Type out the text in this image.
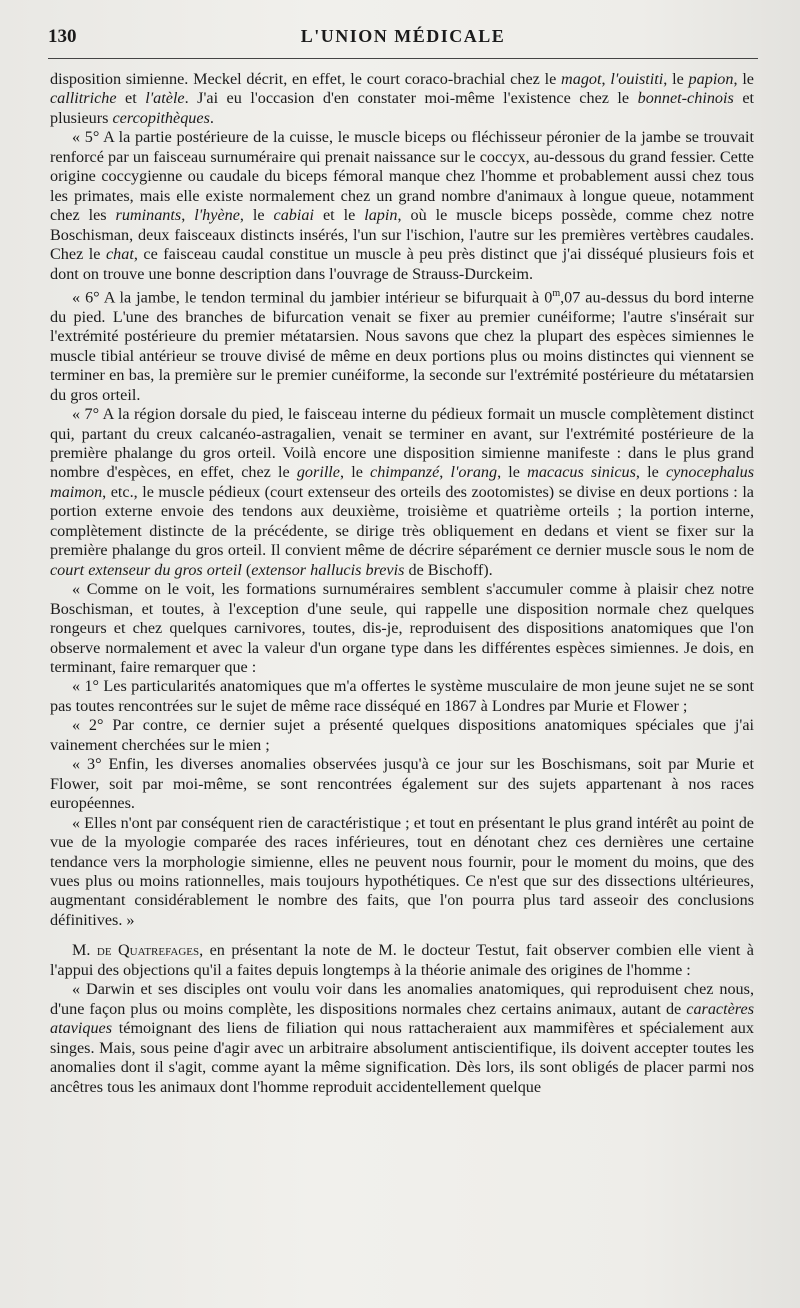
130	L'UNION MÉDICALE

disposition simienne. Meckel décrit, en effet, le court coraco-brachial chez le magot, l'ouistiti, le papion, le callitriche et l'atèle. J'ai eu l'occasion d'en constater moi-même l'existence chez le bonnet-chinois et plusieurs cercopithèques.

« 5° A la partie postérieure de la cuisse, le muscle biceps ou fléchisseur péronier de la jambe se trouvait renforcé par un faisceau surnuméraire qui prenait naissance sur le coccyx, au-dessous du grand fessier. Cette origine coccygienne ou caudale du biceps fémoral manque chez l'homme et probablement aussi chez tous les primates, mais elle existe normalement chez un grand nombre d'animaux à longue queue, notamment chez les ruminants, l'hyène, le cabiai et le lapin, où le muscle biceps possède, comme chez notre Boschisman, deux faisceaux distincts insérés, l'un sur l'ischion, l'autre sur les premières vertèbres caudales. Chez le chat, ce faisceau caudal constitue un muscle à peu près distinct que j'ai disséqué plusieurs fois et dont on trouve une bonne description dans l'ouvrage de Strauss-Durckeim.

« 6° A la jambe, le tendon terminal du jambier intérieur se bifurquait à 0$^m$,07 au-dessus du bord interne du pied. L'une des branches de bifurcation venait se fixer au premier cunéiforme; l'autre s'insérait sur l'extrémité postérieure du premier métatarsien. Nous savons que chez la plupart des espèces simiennes le muscle tibial antérieur se trouve divisé de même en deux portions plus ou moins distinctes qui viennent se terminer en bas, la première sur le premier cunéiforme, la seconde sur l'extrémité postérieure du métatarsien du gros orteil.

« 7° A la région dorsale du pied, le faisceau interne du pédieux formait un muscle complètement distinct qui, partant du creux calcanéo-astragalien, venait se terminer en avant, sur l'extrémité postérieure de la première phalange du gros orteil. Voilà encore une disposition simienne manifeste : dans le plus grand nombre d'espèces, en effet, chez le gorille, le chimpanzé, l'orang, le macacus sinicus, le cynocephalus maimon, etc., le muscle pédieux (court extenseur des orteils des zootomistes) se divise en deux portions : la portion externe envoie des tendons aux deuxième, troisième et quatrième orteils ; la portion interne, complètement distincte de la précédente, se dirige très obliquement en dedans et vient se fixer sur la première phalange du gros orteil. Il convient même de décrire séparément ce dernier muscle sous le nom de court extenseur du gros orteil (extensor hallucis brevis de Bischoff).

« Comme on le voit, les formations surnuméraires semblent s'accumuler comme à plaisir chez notre Boschisman, et toutes, à l'exception d'une seule, qui rappelle une disposition normale chez quelques rongeurs et chez quelques carnivores, toutes, dis-je, reproduisent des dispositions anatomiques que l'on observe normalement et avec la valeur d'un organe type dans les différentes espèces simiennes. Je dois, en terminant, faire remarquer que :

« 1° Les particularités anatomiques que m'a offertes le système musculaire de mon jeune sujet ne se sont pas toutes rencontrées sur le sujet de même race disséqué en 1867 à Londres par Murie et Flower ;

« 2° Par contre, ce dernier sujet a présenté quelques dispositions anatomiques spéciales que j'ai vainement cherchées sur le mien ;

« 3° Enfin, les diverses anomalies observées jusqu'à ce jour sur les Boschismans, soit par Murie et Flower, soit par moi-même, se sont rencontrées également sur des sujets appartenant à nos races européennes.

« Elles n'ont par conséquent rien de caractéristique ; et tout en présentant le plus grand intérêt au point de vue de la myologie comparée des races inférieures, tout en dénotant chez ces dernières une certaine tendance vers la morphologie simienne, elles ne peuvent nous fournir, pour le moment du moins, que des vues plus ou moins rationnelles, mais toujours hypothétiques. Ce n'est que sur des dissections ultérieures, augmentant considérablement le nombre des faits, que l'on pourra plus tard asseoir des conclusions définitives. »

M. de Quatrefages, en présentant la note de M. le docteur Testut, fait observer combien elle vient à l'appui des objections qu'il a faites depuis longtemps à la théorie animale des origines de l'homme :

« Darwin et ses disciples ont voulu voir dans les anomalies anatomiques, qui reproduisent chez nous, d'une façon plus ou moins complète, les dispositions normales chez certains animaux, autant de caractères ataviques témoignant des liens de filiation qui nous rattacheraient aux mammifères et spécialement aux singes. Mais, sous peine d'agir avec un arbitraire absolument antiscientifique, ils doivent accepter toutes les anomalies dont il s'agit, comme ayant la même signification. Dès lors, ils sont obligés de placer parmi nos ancêtres tous les animaux dont l'homme reproduit accidentellement quelque
